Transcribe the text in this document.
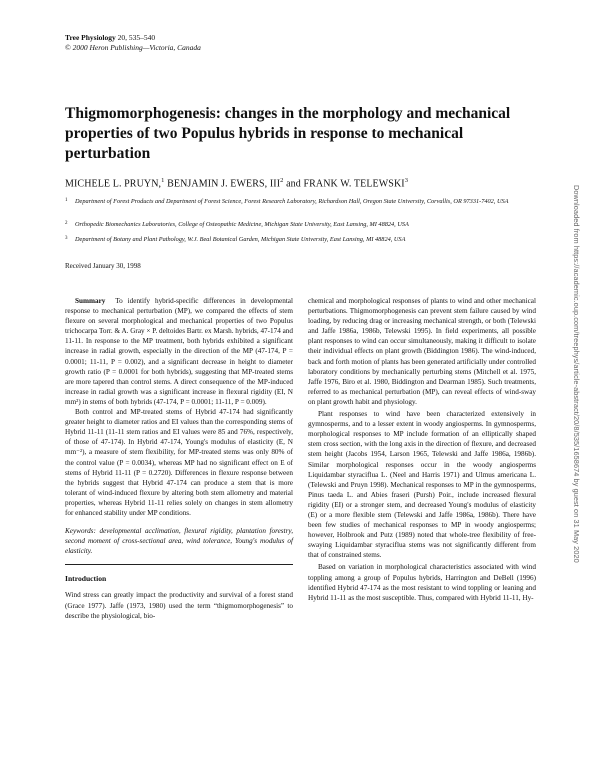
Tree Physiology 20, 535–540
© 2000 Heron Publishing—Victoria, Canada
Thigmomorphogenesis: changes in the morphology and mechanical properties of two Populus hybrids in response to mechanical perturbation
MICHELE L. PRUYN,$^1$ BENJAMIN J. EWERS, III$^2$ and FRANK W. TELEWSKI$^3$
1	Department of Forest Products and Department of Forest Science, Forest Research Laboratory, Richardson Hall, Oregon State University, Corvallis, OR 97331-7402, USA
2	Orthopedic Biomechanics Laboratories, College of Osteopathic Medicine, Michigan State University, East Lansing, MI 48824, USA
3	Department of Botany and Plant Pathology, W.J. Beal Botanical Garden, Michigan State University, East Lansing, MI 48824, USA
Received January 30, 1998	Downloaded from https://academic.oup.com/treephys/article-abstract/20/8/535/1658674 by guest on 31 May 2020

Summary To identify hybrid-specific differences in developmental response to mechanical perturbation (MP), we compared the effects of stem flexure on several morphological and mechanical properties of two Populus trichocarpa Torr. & A. Gray × P. deltoides Bartr. ex Marsh. hybrids, 47-174 and 11-11. In response to the MP treatment, both hybrids exhibited a significant increase in radial growth, especially in the direction of the MP (47-174, P = 0.0001; 11-11, P = 0.002), and a significant decrease in height to diameter growth ratio (P = 0.0001 for both hybrids), suggesting that MP-treated stems are more tapered than control stems. A direct consequence of the MP-induced increase in radial growth was a significant increase in flexural rigidity (EI, N mm²) in stems of both hybrids (47-174, P = 0.0001; 11-11, P = 0.009).

Both control and MP-treated stems of Hybrid 47-174 had significantly greater height to diameter ratios and EI values than the corresponding stems of Hybrid 11-11 (11-11 stem ratios and EI values were 85 and 76%, respectively, of those of 47-174). In Hybrid 47-174, Young's modulus of elasticity (E, N mm⁻²), a measure of stem flexibility, for MP-treated stems was only 80% of the control value (P = 0.0034), whereas MP had no significant effect on E of stems of Hybrid 11-11 (P = 0.2720). Differences in flexure response between the hybrids suggest that Hybrid 47-174 can produce a stem that is more tolerant of wind-induced flexure by altering both stem allometry and material properties, whereas Hybrid 11-11 relies solely on changes in stem allometry for enhanced stability under MP conditions.

Keywords: developmental acclimation, flexural rigidity, plantation forestry, second moment of cross-sectional area, wind tolerance, Young's modulus of elasticity.

Introduction

Wind stress can greatly impact the productivity and survival of a forest stand (Grace 1977). Jaffe (1973, 1980) used the term “thigmomorphogenesis” to describe the physiological, bio-

chemical and morphological responses of plants to wind and other mechanical perturbations. Thigmomorphogenesis can prevent stem failure caused by wind loading, by reducing drag or increasing mechanical strength, or both (Telewski and Jaffe 1986a, 1986b, Telewski 1995). In field experiments, all possible plant responses to wind can occur simultaneously, making it difficult to isolate their individual effects on plant growth (Biddington 1986). The wind-induced, back and forth motion of plants has been generated artificially under controlled laboratory conditions by mechanically perturbing stems (Mitchell et al. 1975, Jaffe 1976, Biro et al. 1980, Biddington and Dearman 1985). Such treatments, referred to as mechanical perturbation (MP), can reveal effects of wind-sway on plant growth habit and physiology.

Plant responses to wind have been characterized extensively in gymnosperms, and to a lesser extent in woody angiosperms. In gymnosperms, morphological responses to MP include formation of an elliptically shaped stem cross section, with the long axis in the direction of flexure, and decreased stem height (Jacobs 1954, Larson 1965, Telewski and Jaffe 1986a, 1986b). Similar morphological responses occur in the woody angiosperms Liquidambar styraciflua L. (Neel and Harris 1971) and Ulmus americana L. (Telewski and Pruyn 1998). Mechanical responses to MP in the gymnosperms, Pinus taeda L. and Abies fraseri (Pursh) Poir., include increased flexural rigidity (EI) or a stronger stem, and decreased Young's modulus of elasticity (E) or a more flexible stem (Telewski and Jaffe 1986a, 1986b). There have been few studies of mechanical responses to MP in woody angiosperms; however, Holbrook and Putz (1989) noted that whole-tree flexibility of free-swaying Liquidambar styraciflua stems was not significantly different from that of constrained stems.

Based on variation in morphological characteristics associated with wind toppling among a group of Populus hybrids, Harrington and DeBell (1996) identified Hybrid 47-174 as the most resistant to wind toppling or leaning and Hybrid 11-11 as the most susceptible. Thus, compared with Hybrid 11-11, Hy-
